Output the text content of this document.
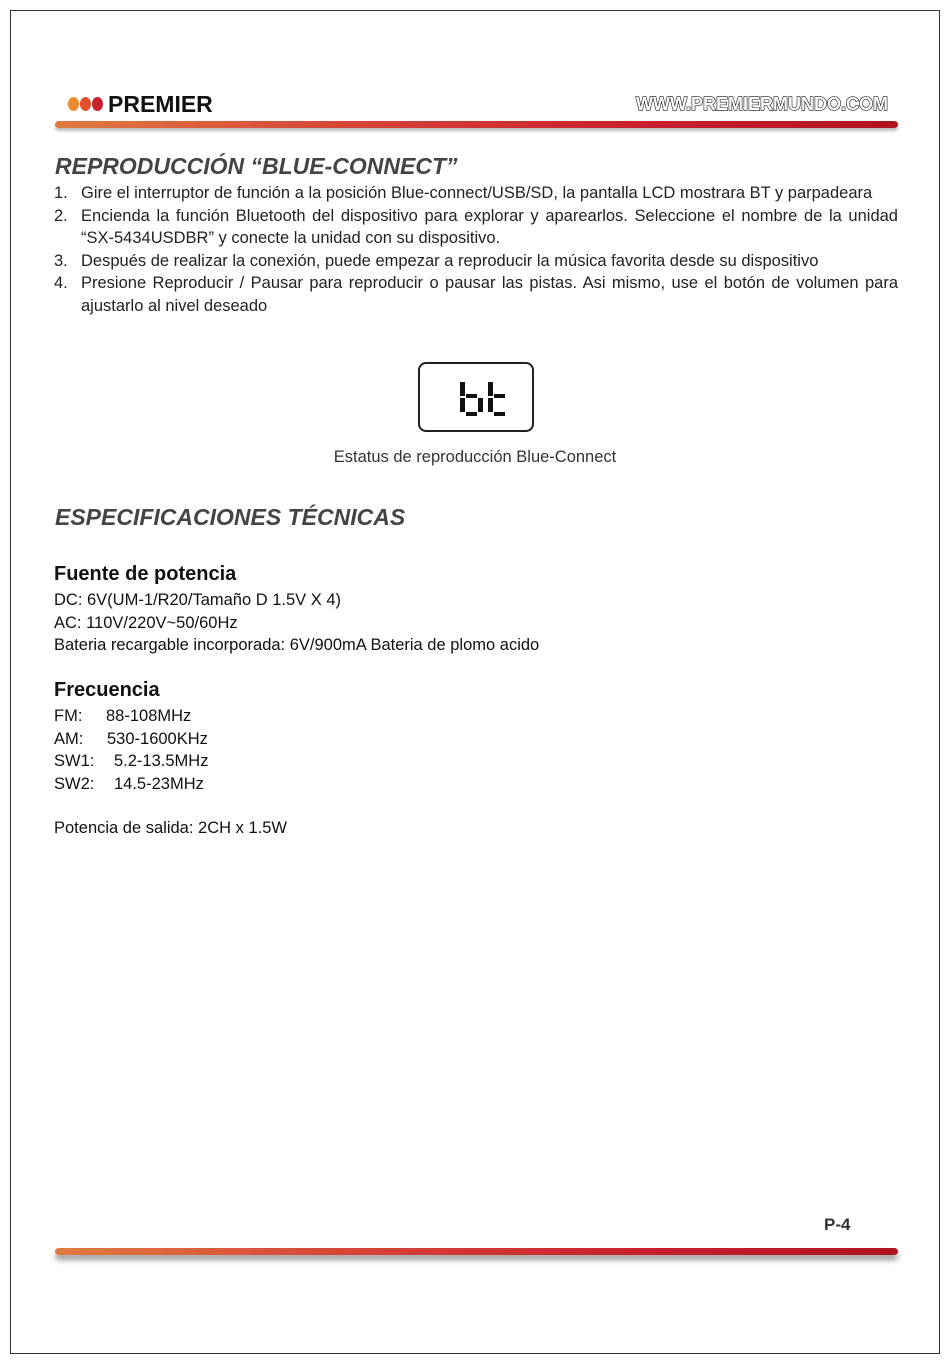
PREMIER	WWW.PREMIERMUNDO.COM
REPRODUCCIÓN “BLUE-CONNECT”
1. Gire el interruptor de función a la posición Blue-connect/USB/SD, la pantalla LCD mostrara BT y parpadeara
2. Encienda la función Bluetooth del dispositivo para explorar y aparearlos. Seleccione el nombre de la unidad “SX-5434USDBR” y conecte la unidad con su dispositivo.
3. Después de realizar la conexión, puede empezar a reproducir la música favorita desde su dispositivo
4. Presione Reproducir / Pausar para reproducir o pausar las pistas. Asi mismo, use el botón de volumen para ajustarlo al nivel deseado
Estatus de reproducción Blue-Connect
ESPECIFICACIONES TÉCNICAS
Fuente de potencia
DC: 6V(UM-1/R20/Tamaño D 1.5V X 4)
AC: 110V/220V~50/60Hz
Bateria recargable incorporada: 6V/900mA Bateria de plomo acido
Frecuencia
FM:	88-108MHz
AM:	530-1600KHz
SW1:	5.2-13.5MHz
SW2:	14.5-23MHz
Potencia de salida: 2CH x 1.5W
P-4
